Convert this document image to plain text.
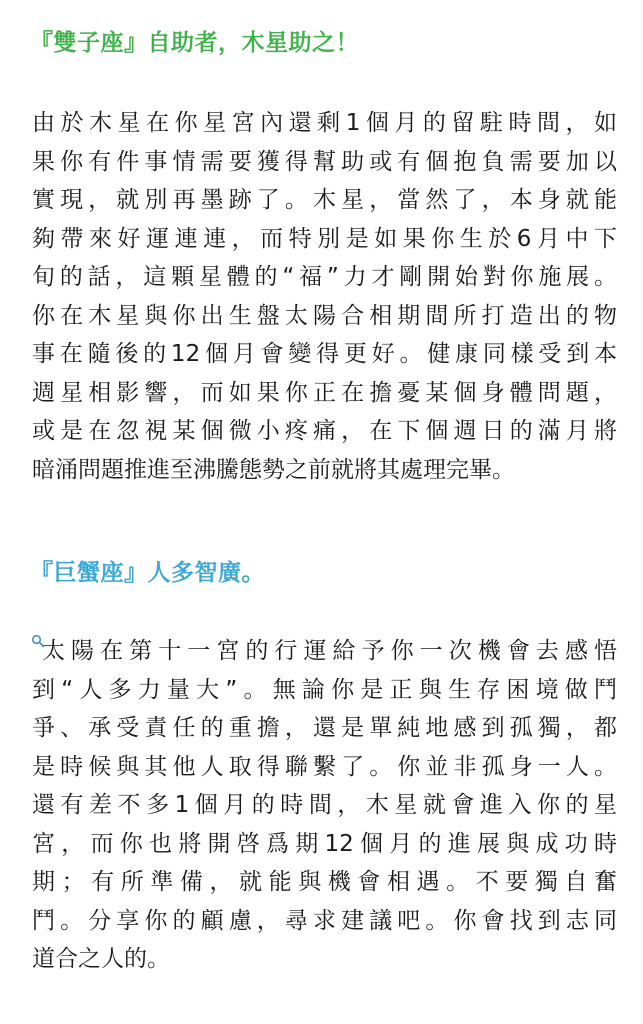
『雙子座』自助者，木星助之！

由於木星在你星宮內還剩1個月的留駐時間，如
果你有件事情需要獲得幫助或有個抱負需要加以
實現，就別再墨跡了。木星，當然了，本身就能
夠帶來好運連連，而特別是如果你生於6月中下
旬的話，這顆星體的“福”力才剛開始對你施展。
你在木星與你出生盤太陽合相期間所打造出的物
事在隨後的12個月會變得更好。健康同樣受到本
週星相影響，而如果你正在擔憂某個身體問題，
或是在忽視某個微小疼痛，在下個週日的滿月將
暗涌問題推進至沸騰態勢之前就將其處理完畢。

『巨蟹座』人多智廣。

太陽在第十一宮的行運給予你一次機會去感悟
到“人多力量大”。無論你是正與生存困境做鬥
爭、承受責任的重擔，還是單純地感到孤獨，都
是時候與其他人取得聯繫了。你並非孤身一人。
還有差不多1個月的時間，木星就會進入你的星
宮，而你也將開啓爲期12個月的進展與成功時
期；有所準備，就能與機會相遇。不要獨自奮
鬥。分享你的顧慮，尋求建議吧。你會找到志同
道合之人的。
